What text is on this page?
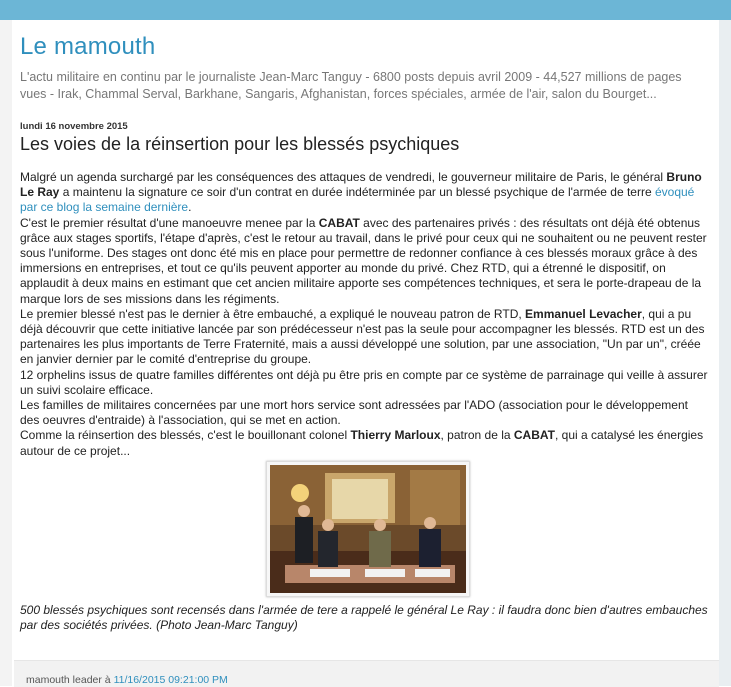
Le mamouth
L'actu militaire en continu par le journaliste Jean-Marc Tanguy - 6800 posts depuis avril 2009 - 44,527 millions de pages vues - Irak, Chammal Serval, Barkhane, Sangaris, Afghanistan, forces spéciales, armée de l'air, salon du Bourget...
lundi 16 novembre 2015
Les voies de la réinsertion pour les blessés psychiques

Malgré un agenda surchargé par les conséquences des attaques de vendredi, le gouverneur militaire de Paris, le général Bruno Le Ray a maintenu la signature ce soir d'un contrat en durée indéterminée par un blessé psychique de l'armée de terre évoqué par ce blog la semaine dernière.

C'est le premier résultat d'une manoeuvre menee par la CABAT avec des partenaires privés : des résultats ont déjà été obtenus grâce aux stages sportifs, l'étape d'après, c'est le retour au travail, dans le privé pour ceux qui ne souhaitent ou ne peuvent rester sous l'uniforme. Des stages ont donc été mis en place pour permettre de redonner confiance à ces blessés moraux grâce à des immersions en entreprises, et tout ce qu'ils peuvent apporter au monde du privé. Chez RTD, qui a étrenné le dispositif, on applaudit à deux mains en estimant que cet ancien militaire apporte ses compétences techniques, et sera le porte-drapeau de la marque lors de ses missions dans les régiments.

Le premier blessé n'est pas le dernier à être embauché, a expliqué le nouveau patron de RTD, Emmanuel Levacher, qui a pu déjà découvrir que cette initiative lancée par son prédécesseur n'est pas la seule pour accompagner les blessés. RTD est un des partenaires les plus importants de Terre Fraternité, mais a aussi développé une solution, par une association, "Un par un", créée en janvier dernier par le comité d'entreprise du groupe.

12 orphelins issus de quatre familles différentes ont déjà pu être pris en compte par ce système de parrainage qui veille à assurer un suivi scolaire efficace.

Les familles de militaires concernées par une mort hors service sont adressées par l'ADO (association pour le développement des oeuvres d'entraide) à l'association, qui se met en action.

Comme la réinsertion des blessés, c'est le bouillonant colonel Thierry Marloux, patron de la CABAT, qui a catalysé les énergies autour de ce projet...

500 blessés psychiques sont recensés dans l'armée de tere a rappelé le général Le Ray : il faudra donc bien d'autres embauches par des sociétés privées. (Photo Jean-Marc Tanguy)
mamouth leader à 11/16/2015 09:21:00 PM
